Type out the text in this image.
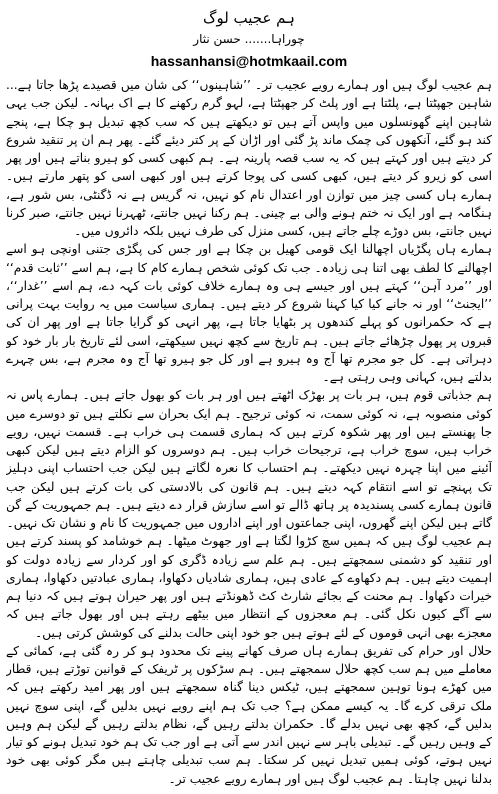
ہم عجیب لوگ
چوراہا....... حسن نثار
hassanhansi@hotmkaail.com

ہم عجیب لوگ ہیں اور ہمارے رویے عجیب تر۔ ’’شاہینوں‘‘ کی شان میں قصیدے پڑھا جاتا ہے... شاہین جھپٹتا ہے، پلٹتا ہے اور پلٹ کر جھپٹتا ہے، لہو گرم رکھنے کا ہے اک بہانہ۔ لیکن جب یہی شاہین اپنے گھونسلوں میں واپس آتے ہیں تو دیکھتے ہیں کہ سب کچھ تبدیل ہو چکا ہے، پنجے کند ہو گئے، آنکھوں کی چمک ماند پڑ گئی اور اڑان کے پر کتر دیئے گئے۔ پھر ہم ان پر تنقید شروع کر دیتے ہیں اور کہتے ہیں کہ یہ سب قصہ پارینہ ہے۔ ہم کبھی کسی کو ہیرو بناتے ہیں اور پھر اسی کو زیرو کر دیتے ہیں، کبھی کسی کی پوجا کرتے ہیں اور کبھی اسی کو پتھر مارتے ہیں۔ ہمارے ہاں کسی چیز میں توازن اور اعتدال نام کو نہیں، نہ گریس ہے نہ ڈگنٹی، بس شور ہے، ہنگامہ ہے اور ایک نہ ختم ہونے والی بے چینی۔ ہم رکنا نہیں جانتے، ٹھہرنا نہیں جانتے، صبر کرنا نہیں جانتے، بس دوڑے چلے جاتے ہیں، کسی منزل کی طرف نہیں بلکہ دائروں میں۔

ہمارے ہاں پگڑیاں اچھالنا ایک قومی کھیل بن چکا ہے اور جس کی پگڑی جتنی اونچی ہو اسے اچھالنے کا لطف بھی اتنا ہی زیادہ۔ جب تک کوئی شخص ہمارے کام کا ہے، ہم اسے ’’ثابت قدم‘‘ اور ’’مرد آہن‘‘ کہتے ہیں اور جیسے ہی وہ ہمارے خلاف کوئی بات کہہ دے، ہم اسے ’’غدار‘‘، ’’ایجنٹ‘‘ اور نہ جانے کیا کیا کہنا شروع کر دیتے ہیں۔ ہماری سیاست میں یہ روایت بہت پرانی ہے کہ حکمرانوں کو پہلے کندھوں پر بٹھایا جاتا ہے، پھر انہی کو گرایا جاتا ہے اور پھر ان کی قبروں پر پھول چڑھائے جاتے ہیں۔ ہم تاریخ سے کچھ نہیں سیکھتے، اسی لئے تاریخ بار بار خود کو دہراتی ہے۔ کل جو مجرم تھا آج وہ ہیرو ہے اور کل جو ہیرو تھا آج وہ مجرم ہے، بس چہرے بدلتے ہیں، کہانی وہی رہتی ہے۔

ہم جذباتی قوم ہیں، ہر بات پر بھڑک اٹھتے ہیں اور ہر بات کو بھول جاتے ہیں۔ ہمارے پاس نہ کوئی منصوبہ ہے، نہ کوئی سمت، نہ کوئی ترجیح۔ ہم ایک بحران سے نکلتے ہیں تو دوسرے میں جا پھنستے ہیں اور پھر شکوہ کرتے ہیں کہ ہماری قسمت ہی خراب ہے۔ قسمت نہیں، رویے خراب ہیں، سوچ خراب ہے، ترجیحات خراب ہیں۔ ہم دوسروں کو الزام دیتے ہیں لیکن کبھی آئینے میں اپنا چہرہ نہیں دیکھتے۔ ہم احتساب کا نعرہ لگاتے ہیں لیکن جب احتساب اپنی دہلیز تک پہنچے تو اسے انتقام کہہ دیتے ہیں۔ ہم قانون کی بالادستی کی بات کرتے ہیں لیکن جب قانون ہمارے کسی پسندیدہ پر ہاتھ ڈالے تو اسے سازش قرار دے دیتے ہیں۔ ہم جمہوریت کے گن گاتے ہیں لیکن اپنے گھروں، اپنی جماعتوں اور اپنے اداروں میں جمہوریت کا نام و نشان تک نہیں۔

ہم عجیب لوگ ہیں کہ ہمیں سچ کڑوا لگتا ہے اور جھوٹ میٹھا۔ ہم خوشامد کو پسند کرتے ہیں اور تنقید کو دشمنی سمجھتے ہیں۔ ہم علم سے زیادہ ڈگری کو اور کردار سے زیادہ دولت کو اہمیت دیتے ہیں۔ ہم دکھاوے کے عادی ہیں، ہماری شادیاں دکھاوا، ہماری عبادتیں دکھاوا، ہماری خیرات دکھاوا۔ ہم محنت کے بجائے شارٹ کٹ ڈھونڈتے ہیں اور پھر حیران ہوتے ہیں کہ دنیا ہم سے آگے کیوں نکل گئی۔ ہم معجزوں کے انتظار میں بیٹھے رہتے ہیں اور بھول جاتے ہیں کہ معجزے بھی انہی قوموں کے لئے ہوتے ہیں جو خود اپنی حالت بدلنے کی کوشش کرتی ہیں۔

حلال اور حرام کی تفریق ہمارے ہاں صرف کھانے پینے تک محدود ہو کر رہ گئی ہے، کمائی کے معاملے میں ہم سب کچھ حلال سمجھتے ہیں۔ ہم سڑکوں پر ٹریفک کے قوانین توڑتے ہیں، قطار میں کھڑے ہونا توہین سمجھتے ہیں، ٹیکس دینا گناہ سمجھتے ہیں اور پھر امید رکھتے ہیں کہ ملک ترقی کرے گا۔ یہ کیسے ممکن ہے؟ جب تک ہم اپنے رویے نہیں بدلیں گے، اپنی سوچ نہیں بدلیں گے، کچھ بھی نہیں بدلے گا۔ حکمران بدلتے رہیں گے، نظام بدلتے رہیں گے لیکن ہم وہیں کے وہیں رہیں گے۔ تبدیلی باہر سے نہیں اندر سے آتی ہے اور جب تک ہم خود تبدیل ہونے کو تیار نہیں ہوتے، کوئی ہمیں تبدیل نہیں کر سکتا۔ ہم سب تبدیلی چاہتے ہیں مگر کوئی بھی خود بدلنا نہیں چاہتا۔ ہم عجیب لوگ ہیں اور ہمارے رویے عجیب تر۔
